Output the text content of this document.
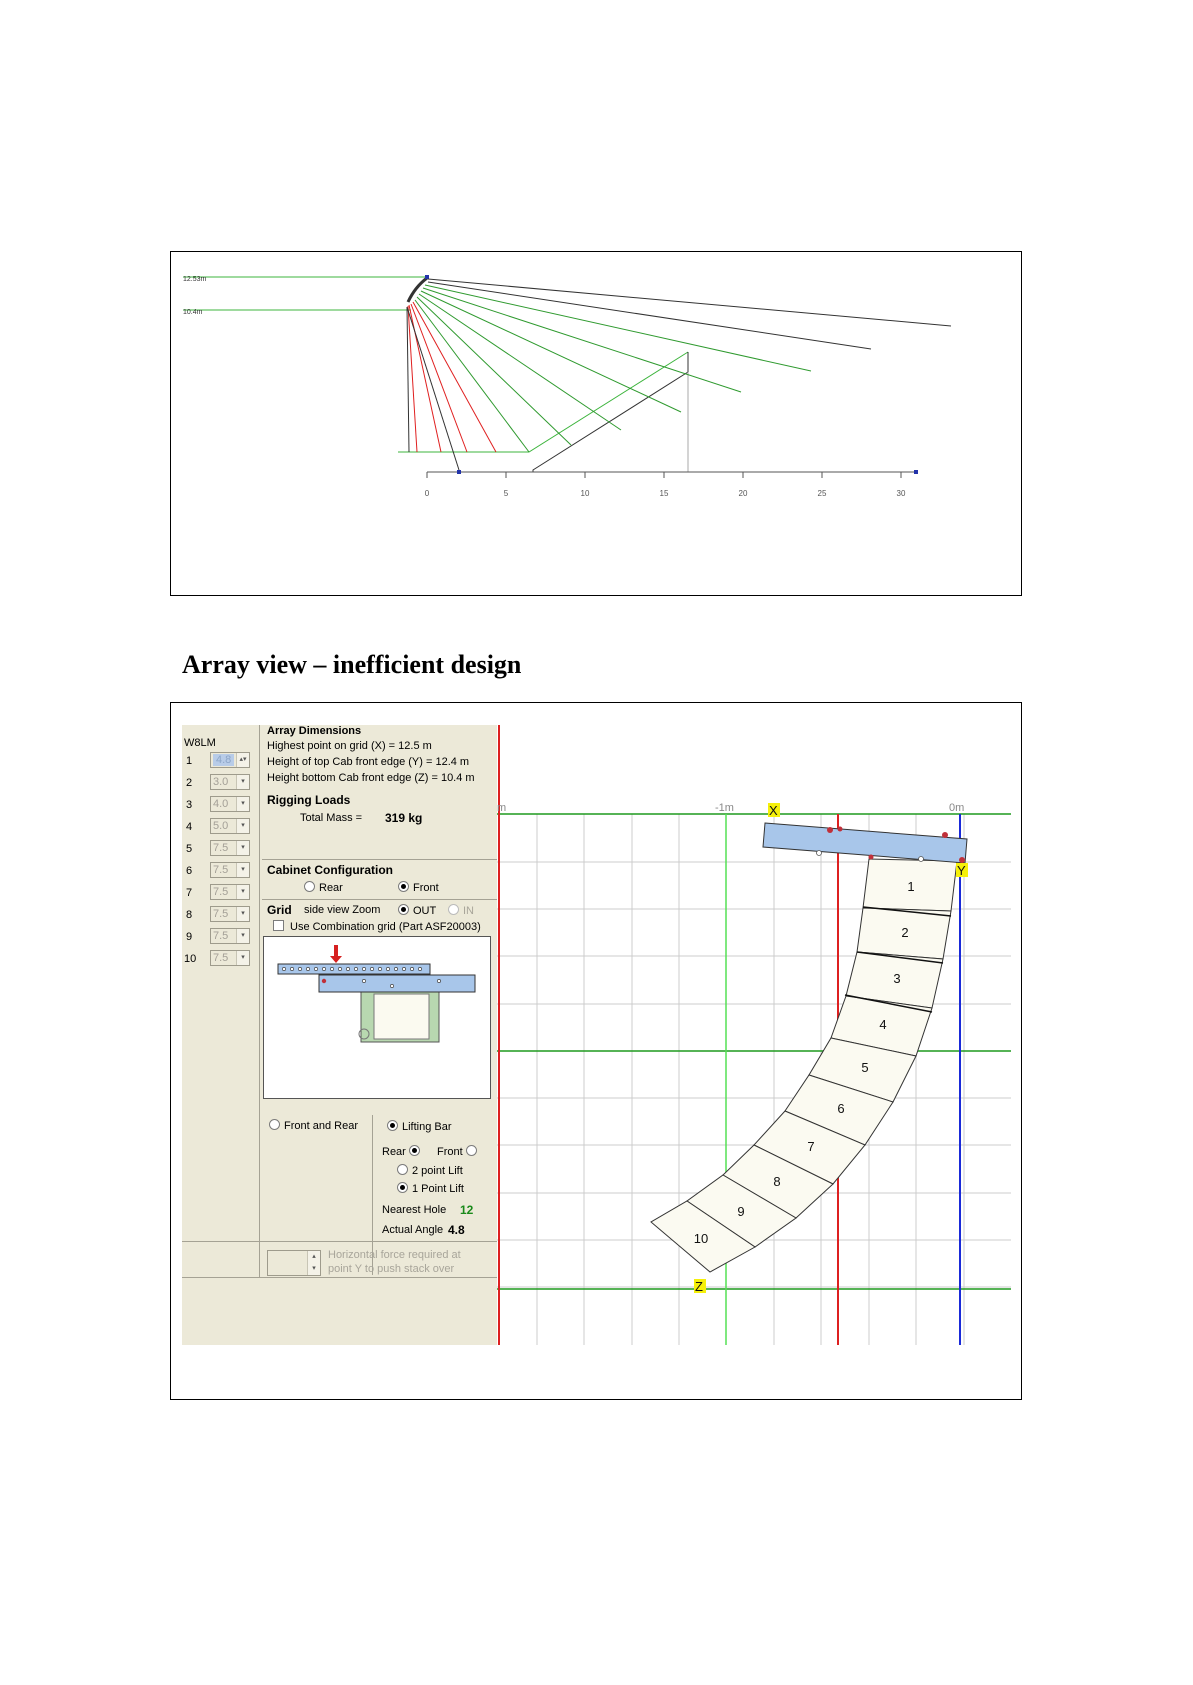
12.53m
10.4m
0	5	10	15	20	25	30
Array view – inefficient design
W8LM
1 4.8	▴▾
2 3.0	▾
3 4.0	▾
4 5.0	▾
5 7.5	▾
6 7.5	▾
7 7.5	▾
8 7.5	▾
9 7.5	▾
10 7.5	▾
Array Dimensions
Highest point on grid (X) = 12.5 m
Height of top Cab front edge (Y) = 12.4 m
Height bottom Cab front edge (Z) = 10.4 m
Rigging Loads
Total Mass = 319 kg
Cabinet Configuration
Rear	Front
Grid side view Zoom	OUT	IN
Use Combination grid (Part ASF20003)
Front and Rear	Lifting Bar
Rear	Front
2 point Lift
1 Point Lift
Nearest Hole 12
Actual Angle 4.8
▴
▾
Horizontal force required at
point Y to push stack over
m	-1m	0m
1
2
3
4
5
6
7
8
9
10
X
Y
Z
